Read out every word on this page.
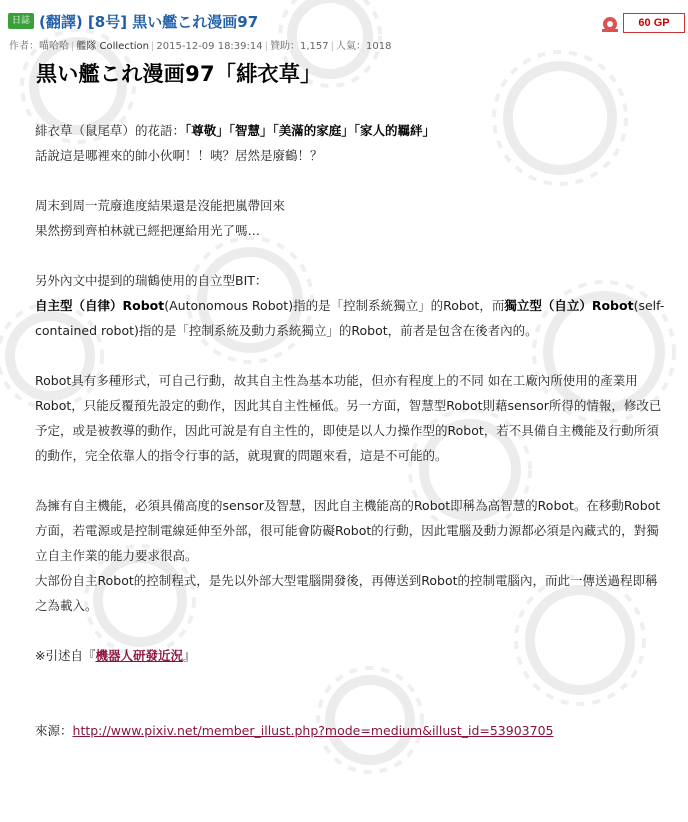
日誌 (翻譯) [8号] 黒い艦これ漫画97	60 GP
作者：喵哈哈 | 艦隊 Collection | 2015-12-09 18:39:14 | 贊助：1,157 | 人氣：1018
黒い艦これ漫画97「緋衣草」

緋衣草（鼠尾草）的花語：「尊敬」「智慧」「美滿的家庭」「家人的羈絆」

話說這是哪裡來的帥小伙啊！！咦？居然是廢鶴！？

周末到周一荒廢進度結果還是沒能把嵐帶回來

果然撈到齊柏林就已經把運給用光了嗎…

另外內文中提到的瑞鶴使用的自立型BIT：

自主型（自律）Robot(Autonomous Robot)指的是「控制系統獨立」的Robot，而獨立型（自立）Robot(self-contained robot)指的是「控制系統及動力系統獨立」的Robot，前者是包含在後者內的。

Robot具有多種形式，可自己行動，故其自主性為基本功能，但亦有程度上的不同 如在工廠內所使用的產業用Robot，只能反覆預先設定的動作，因此其自主性極低。另一方面，智慧型Robot則藉sensor所得的情報，修改已予定，或是被教導的動作，因此可說是有自主性的，即使是以人力操作型的Robot，若不具備自主機能及行動所須的動作，完全依靠人的指令行事的話，就現實的問題來看，這是不可能的。

為擁有自主機能，必須具備高度的sensor及智慧，因此自主機能高的Robot即稱為高智慧的Robot。在移動Robot方面，若電源或是控制電線延伸至外部，很可能會防礙Robot的行動，因此電腦及動力源都必須是內藏式的，對獨立自主作業的能力要求很高。

大部份自主Robot的控制程式，是先以外部大型電腦開發後，再傳送到Robot的控制電腦內，而此一傳送過程即稱之為載入。

※引述自『機器人研發近況』

來源：http://www.pixiv.net/member_illust.php?mode=medium&illust_id=53903705
